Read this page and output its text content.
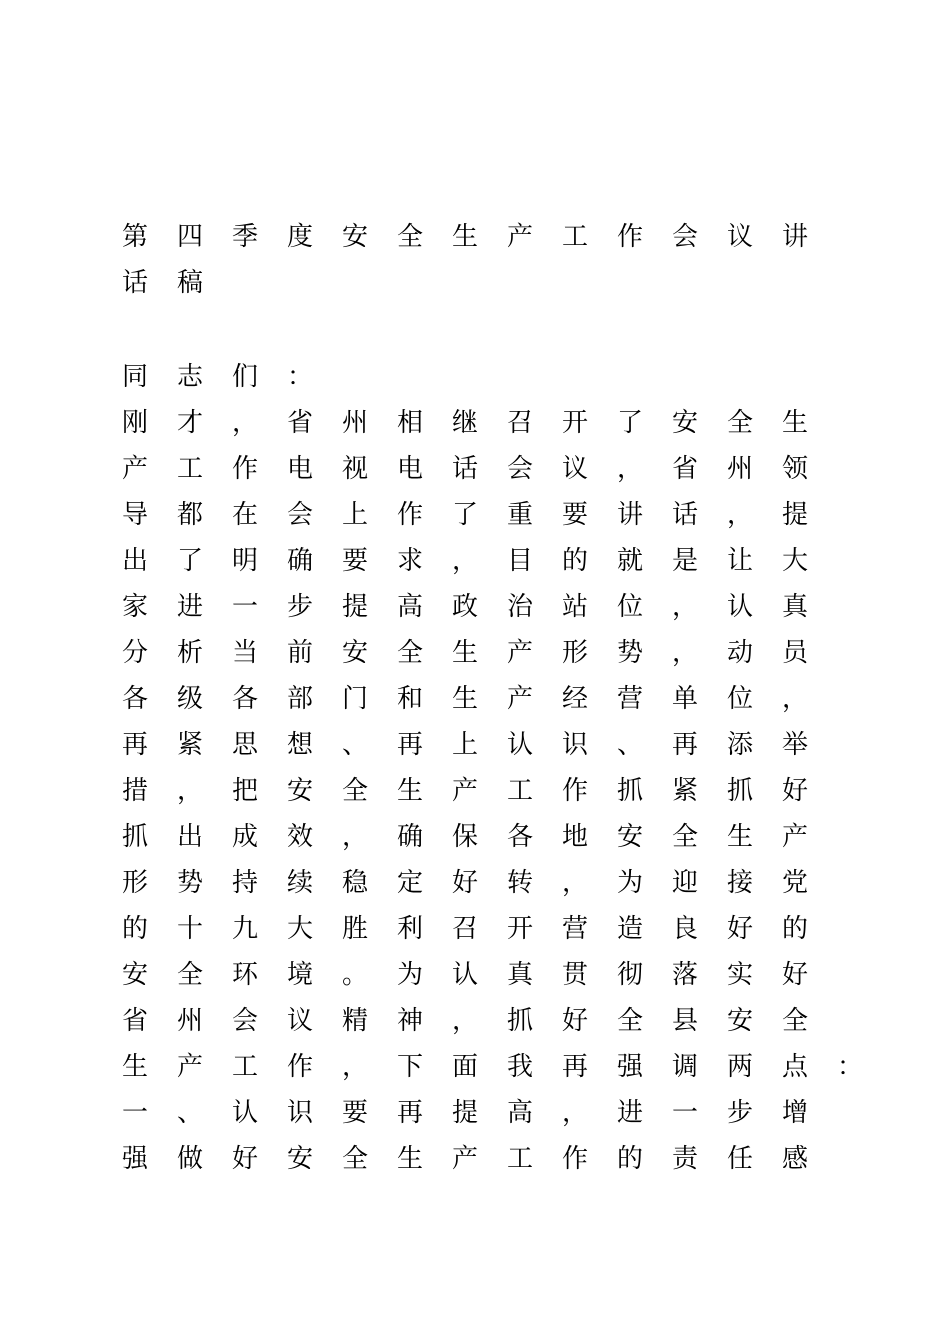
第四季度安全生产工作会议讲
话稿
同志们：
刚才，省州相继召开了安全生
产工作电视电话会议，省州领
导都在会上作了重要讲话，提
出了明确要求，目的就是让大
家进一步提高政治站位，认真
分析当前安全生产形势，动员
各级各部门和生产经营单位，
再紧思想、再上认识、再添举
措，把安全生产工作抓紧抓好
抓出成效，确保各地安全生产
形势持续稳定好转，为迎接党
的十九大胜利召开营造良好的
安全环境。为认真贯彻落实好
省州会议精神，抓好全县安全
生产工作，下面我再强调两点：
一、认识要再提高，进一步增
强做好安全生产工作的责任感
